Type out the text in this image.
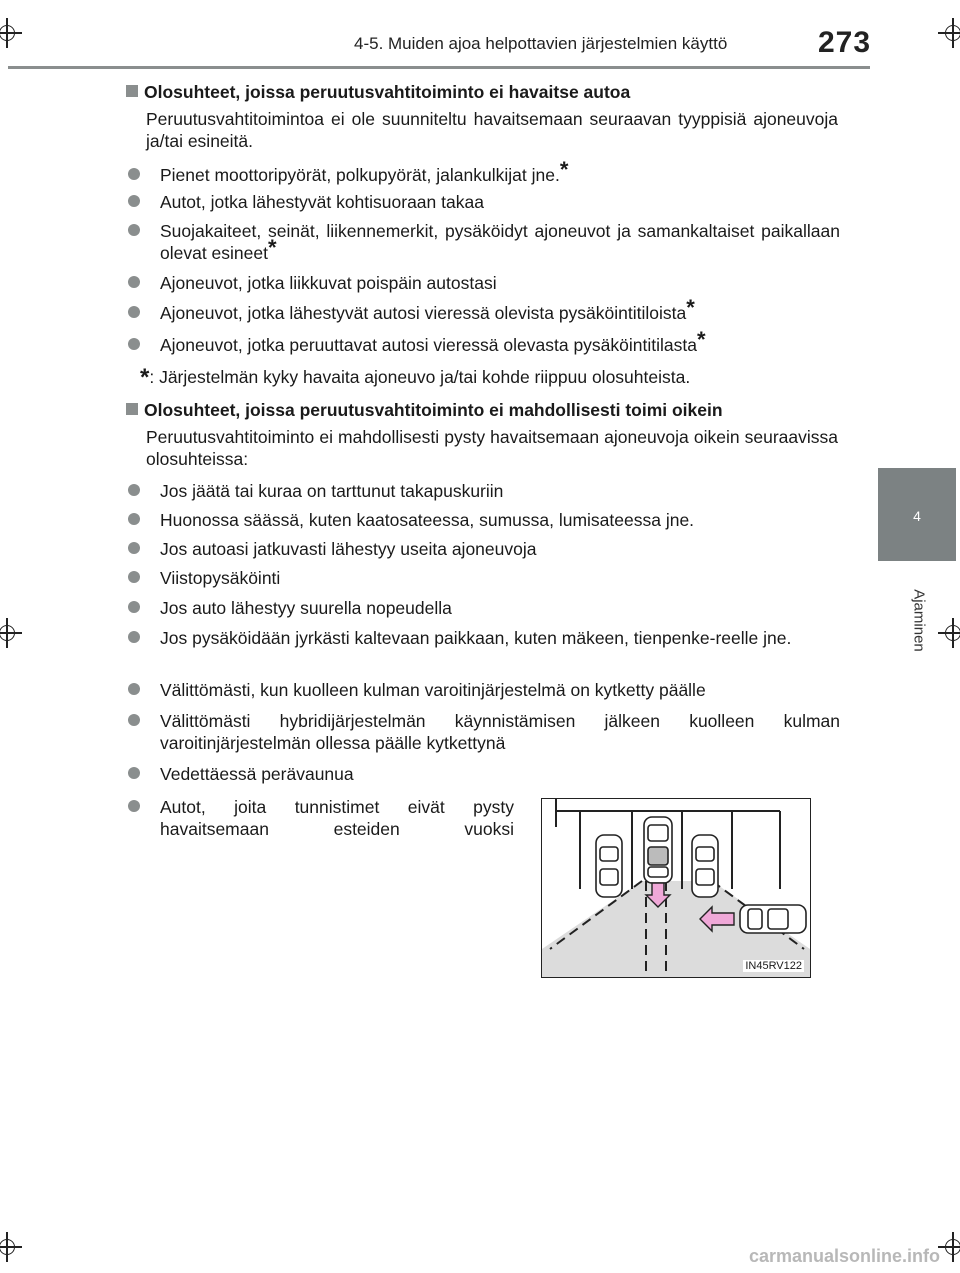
4-5. Muiden ajoa helpottavien järjestelmien käyttö	273
4
Ajaminen
Olosuhteet, joissa peruutusvahtitoiminto ei havaitse autoa
Peruutusvahtitoimintoa ei ole suunniteltu havaitsemaan seuraavan tyyppisiä ajoneuvoja ja/tai esineitä.
Pienet moottoripyörät, polkupyörät, jalankulkijat jne.*
Autot, jotka lähestyvät kohtisuoraan takaa
Suojakaiteet, seinät, liikennemerkit, pysäköidyt ajoneuvot ja samankaltaiset paikallaan olevat esineet*
Ajoneuvot, jotka liikkuvat poispäin autostasi
Ajoneuvot, jotka lähestyvät autosi vieressä olevista pysäköintitiloista*
Ajoneuvot, jotka peruuttavat autosi vieressä olevasta pysäköintitilasta*
*: Järjestelmän kyky havaita ajoneuvo ja/tai kohde riippuu olosuhteista.
Olosuhteet, joissa peruutusvahtitoiminto ei mahdollisesti toimi oikein
Peruutusvahtitoiminto ei mahdollisesti pysty havaitsemaan ajoneuvoja oikein seuraavissa olosuhteissa:
Jos jäätä tai kuraa on tarttunut takapuskuriin
Huonossa säässä, kuten kaatosateessa, sumussa, lumisateessa jne.
Jos autoasi jatkuvasti lähestyy useita ajoneuvoja
Viistopysäköinti
Jos auto lähestyy suurella nopeudella
Jos pysäköidään jyrkästi kaltevaan paikkaan, kuten mäkeen, tienpenke-reelle jne.
Välittömästi, kun kuolleen kulman varoitinjärjestelmä on kytketty päälle
Välittömästi hybridijärjestelmän käynnistämisen jälkeen kuolleen kulman varoitinjärjestelmän ollessa päälle kytkettynä
Vedettäessä perävaunua
Autot, joita tunnistimet eivät pysty havaitsemaan esteiden vuoksi
IN45RV122
carmanualsonline.info
